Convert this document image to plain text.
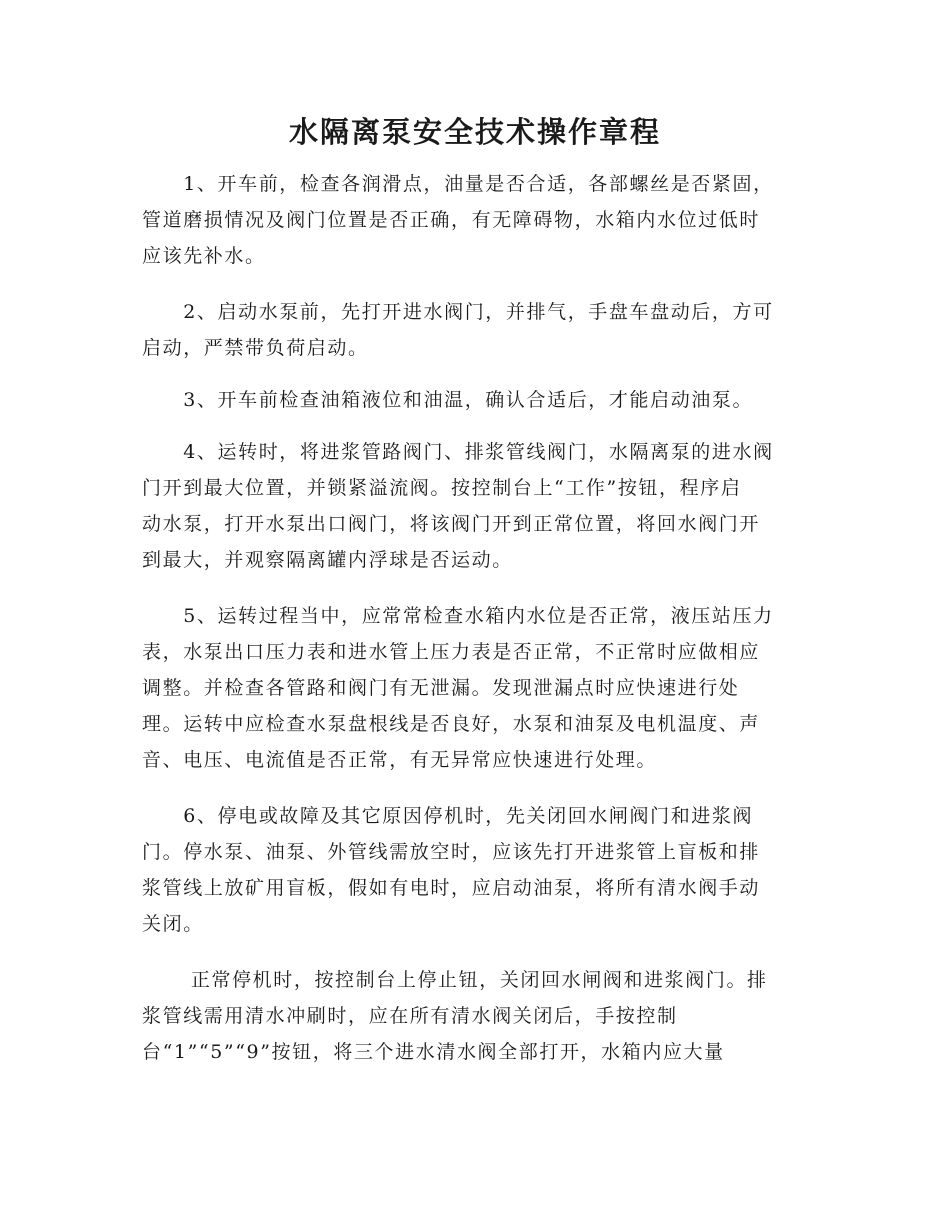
水隔离泵安全技术操作章程

　　1、开车前，检查各润滑点，油量是否合适，各部螺丝是否紧固，
管道磨损情况及阀门位置是否正确，有无障碍物，水箱内水位过低时
应该先补水。

　　2、启动水泵前，先打开进水阀门，并排气，手盘车盘动后，方可
启动，严禁带负荷启动。

　　3、开车前检查油箱液位和油温，确认合适后，才能启动油泵。

　　4、运转时，将进浆管路阀门、排浆管线阀门，水隔离泵的进水阀
门开到最大位置，并锁紧溢流阀。按控制台上“工作”按钮，程序启
动水泵，打开水泵出口阀门，将该阀门开到正常位置，将回水阀门开
到最大，并观察隔离罐内浮球是否运动。

　　5、运转过程当中，应常常检查水箱内水位是否正常，液压站压力
表，水泵出口压力表和进水管上压力表是否正常，不正常时应做相应
调整。并检查各管路和阀门有无泄漏。发现泄漏点时应快速进行处
理。运转中应检查水泵盘根线是否良好，水泵和油泵及电机温度、声
音、电压、电流值是否正常，有无异常应快速进行处理。

　　6、停电或故障及其它原因停机时，先关闭回水闸阀门和进浆阀
门。停水泵、油泵、外管线需放空时，应该先打开进浆管上盲板和排
浆管线上放矿用盲板，假如有电时，应启动油泵，将所有清水阀手动
关闭。

　　 正常停机时，按控制台上停止钮，关闭回水闸阀和进浆阀门。排
浆管线需用清水冲刷时，应在所有清水阀关闭后，手按控制
台“1”“5”“9”按钮，将三个进水清水阀全部打开，水箱内应大量
